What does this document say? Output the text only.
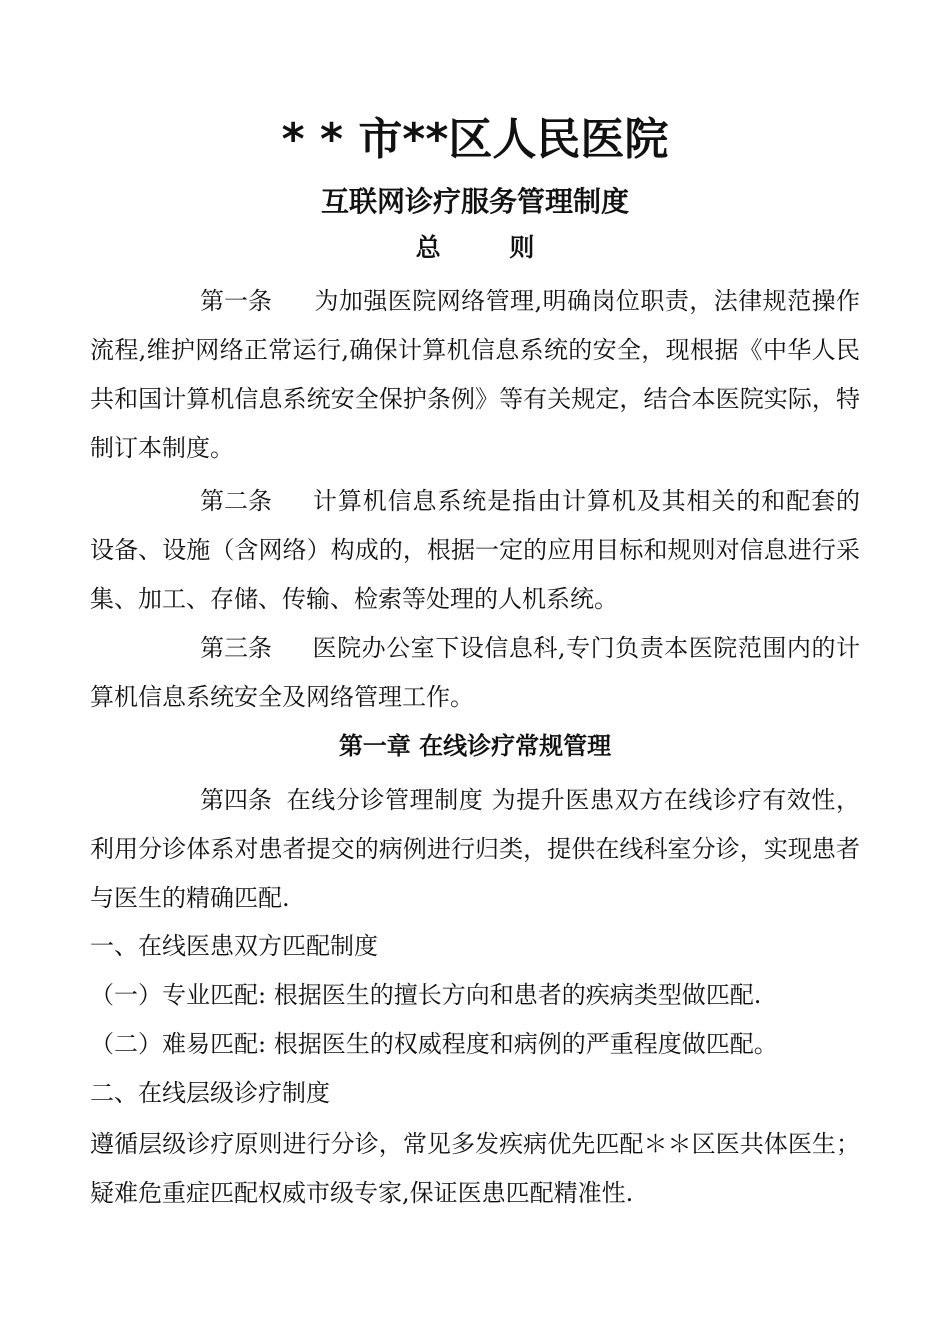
* * 市**区人民医院
互联网诊疗服务管理制度
总 则

第一条 为加强医院网络管理,明确岗位职责，法律规范操作流程,维护网络正常运行,确保计算机信息系统的安全，现根据《中华人民共和国计算机信息系统安全保护条例》等有关规定，结合本医院实际，特制订本制度。

第二条 计算机信息系统是指由计算机及其相关的和配套的设备、设施（含网络）构成的，根据一定的应用目标和规则对信息进行采集、加工、存储、传输、检索等处理的人机系统。

第三条 医院办公室下设信息科,专门负责本医院范围内的计算机信息系统安全及网络管理工作。

第一章 在线诊疗常规管理

第四条 在线分诊管理制度 为提升医患双方在线诊疗有效性，利用分诊体系对患者提交的病例进行归类，提供在线科室分诊，实现患者与医生的精确匹配.

一、在线医患双方匹配制度

（一）专业匹配: 根据医生的擅长方向和患者的疾病类型做匹配.

（二）难易匹配: 根据医生的权威程度和病例的严重程度做匹配。

二、在线层级诊疗制度

遵循层级诊疗原则进行分诊，常见多发疾病优先匹配＊＊区医共体医生；疑难危重症匹配权威市级专家,保证医患匹配精准性.
